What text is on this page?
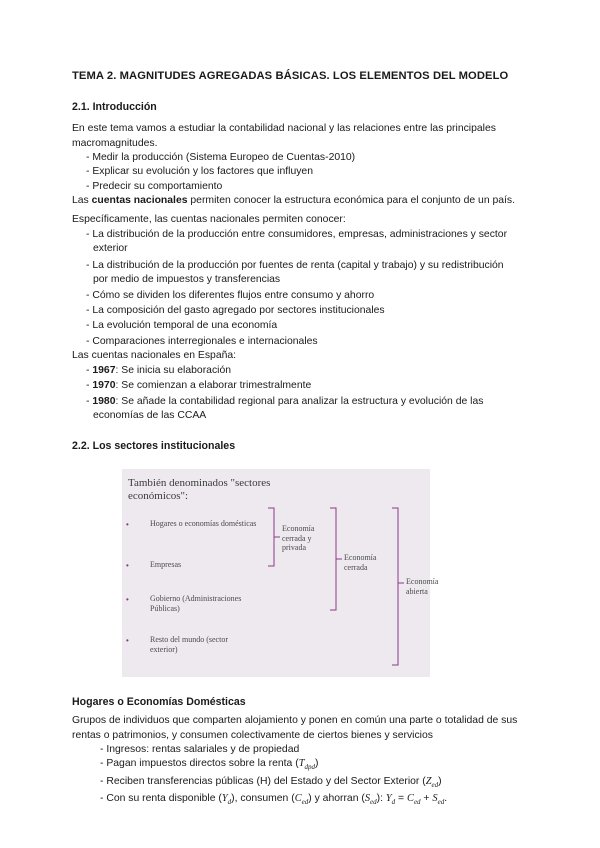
TEMA 2. MAGNITUDES AGREGADAS BÁSICAS. LOS ELEMENTOS DEL MODELO
2.1. Introducción
En este tema vamos a estudiar la contabilidad nacional y las relaciones entre las principales
macromagnitudes.
- Medir la producción (Sistema Europeo de Cuentas-2010)
- Explicar su evolución y los factores que influyen
- Predecir su comportamiento
Las cuentas nacionales permiten conocer la estructura económica para el conjunto de un país.
Específicamente, las cuentas nacionales permiten conocer:
- La distribución de la producción entre consumidores, empresas, administraciones y sector
exterior
- La distribución de la producción por fuentes de renta (capital y trabajo) y su redistribución
por medio de impuestos y transferencias
- Cómo se dividen los diferentes flujos entre consumo y ahorro
- La composición del gasto agregado por sectores institucionales
- La evolución temporal de una economía
- Comparaciones interregionales e internacionales
Las cuentas nacionales en España:
- 1967: Se inicia su elaboración
- 1970: Se comienzan a elaborar trimestralmente
- 1980: Se añade la contabilidad regional para analizar la estructura y evolución de las
economías de las CCAA
2.2. Los sectores institucionales
También denominados "sectores económicos":
•	Hogares o economías domésticas
•	Empresas
•	Gobierno (Administraciones Públicas)
•	Resto del mundo (sector exterior)
Economía cerrada y privada
Economía cerrada
Economía abierta
Hogares o Economías Domésticas
Grupos de individuos que comparten alojamiento y ponen en común una parte o totalidad de sus
rentas o patrimonios, y consumen colectivamente de ciertos bienes y servicios
- Ingresos: rentas salariales y de propiedad
- Pagan impuestos directos sobre la renta $(T_{dpd})$
- Reciben transferencias públicas (H) del Estado y del Sector Exterior $(Z_{ed})$
- Con su renta disponible $(Y_d)$, consumen $(C_{ed})$ y ahorran $(S_{ed})$: $Y_d = C_{ed} + S_{ed}$.
